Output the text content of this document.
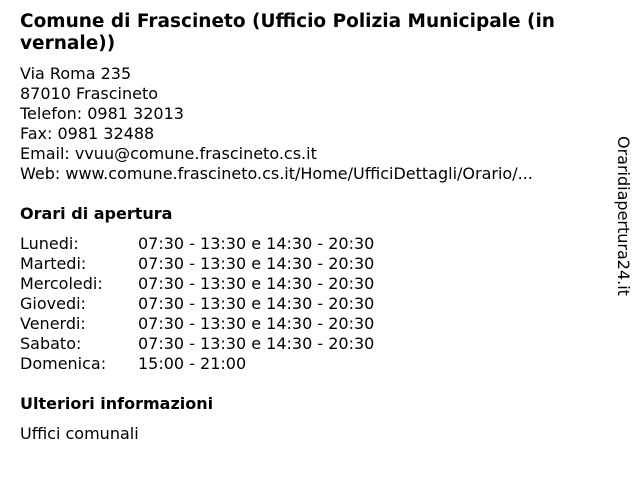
Comune di Frascineto (Ufficio Polizia Municipale (in vernale))
Via Roma 235
87010 Frascineto
Telefon: 0981 32013
Fax: 0981 32488
Email: vvuu@comune.frascineto.cs.it
Web: www.comune.frascineto.cs.it/Home/UfficiDettagli/Orario/...
Orari di apertura
Lunedi:	07:30 - 13:30 e 14:30 - 20:30
Martedi:	07:30 - 13:30 e 14:30 - 20:30
Mercoledi:	07:30 - 13:30 e 14:30 - 20:30
Giovedi:	07:30 - 13:30 e 14:30 - 20:30
Venerdi:	07:30 - 13:30 e 14:30 - 20:30
Sabato:	07:30 - 13:30 e 14:30 - 20:30
Domenica:	15:00 - 21:00
Ulteriori informazioni
Uffici comunali
Oraridiapertura24.it
